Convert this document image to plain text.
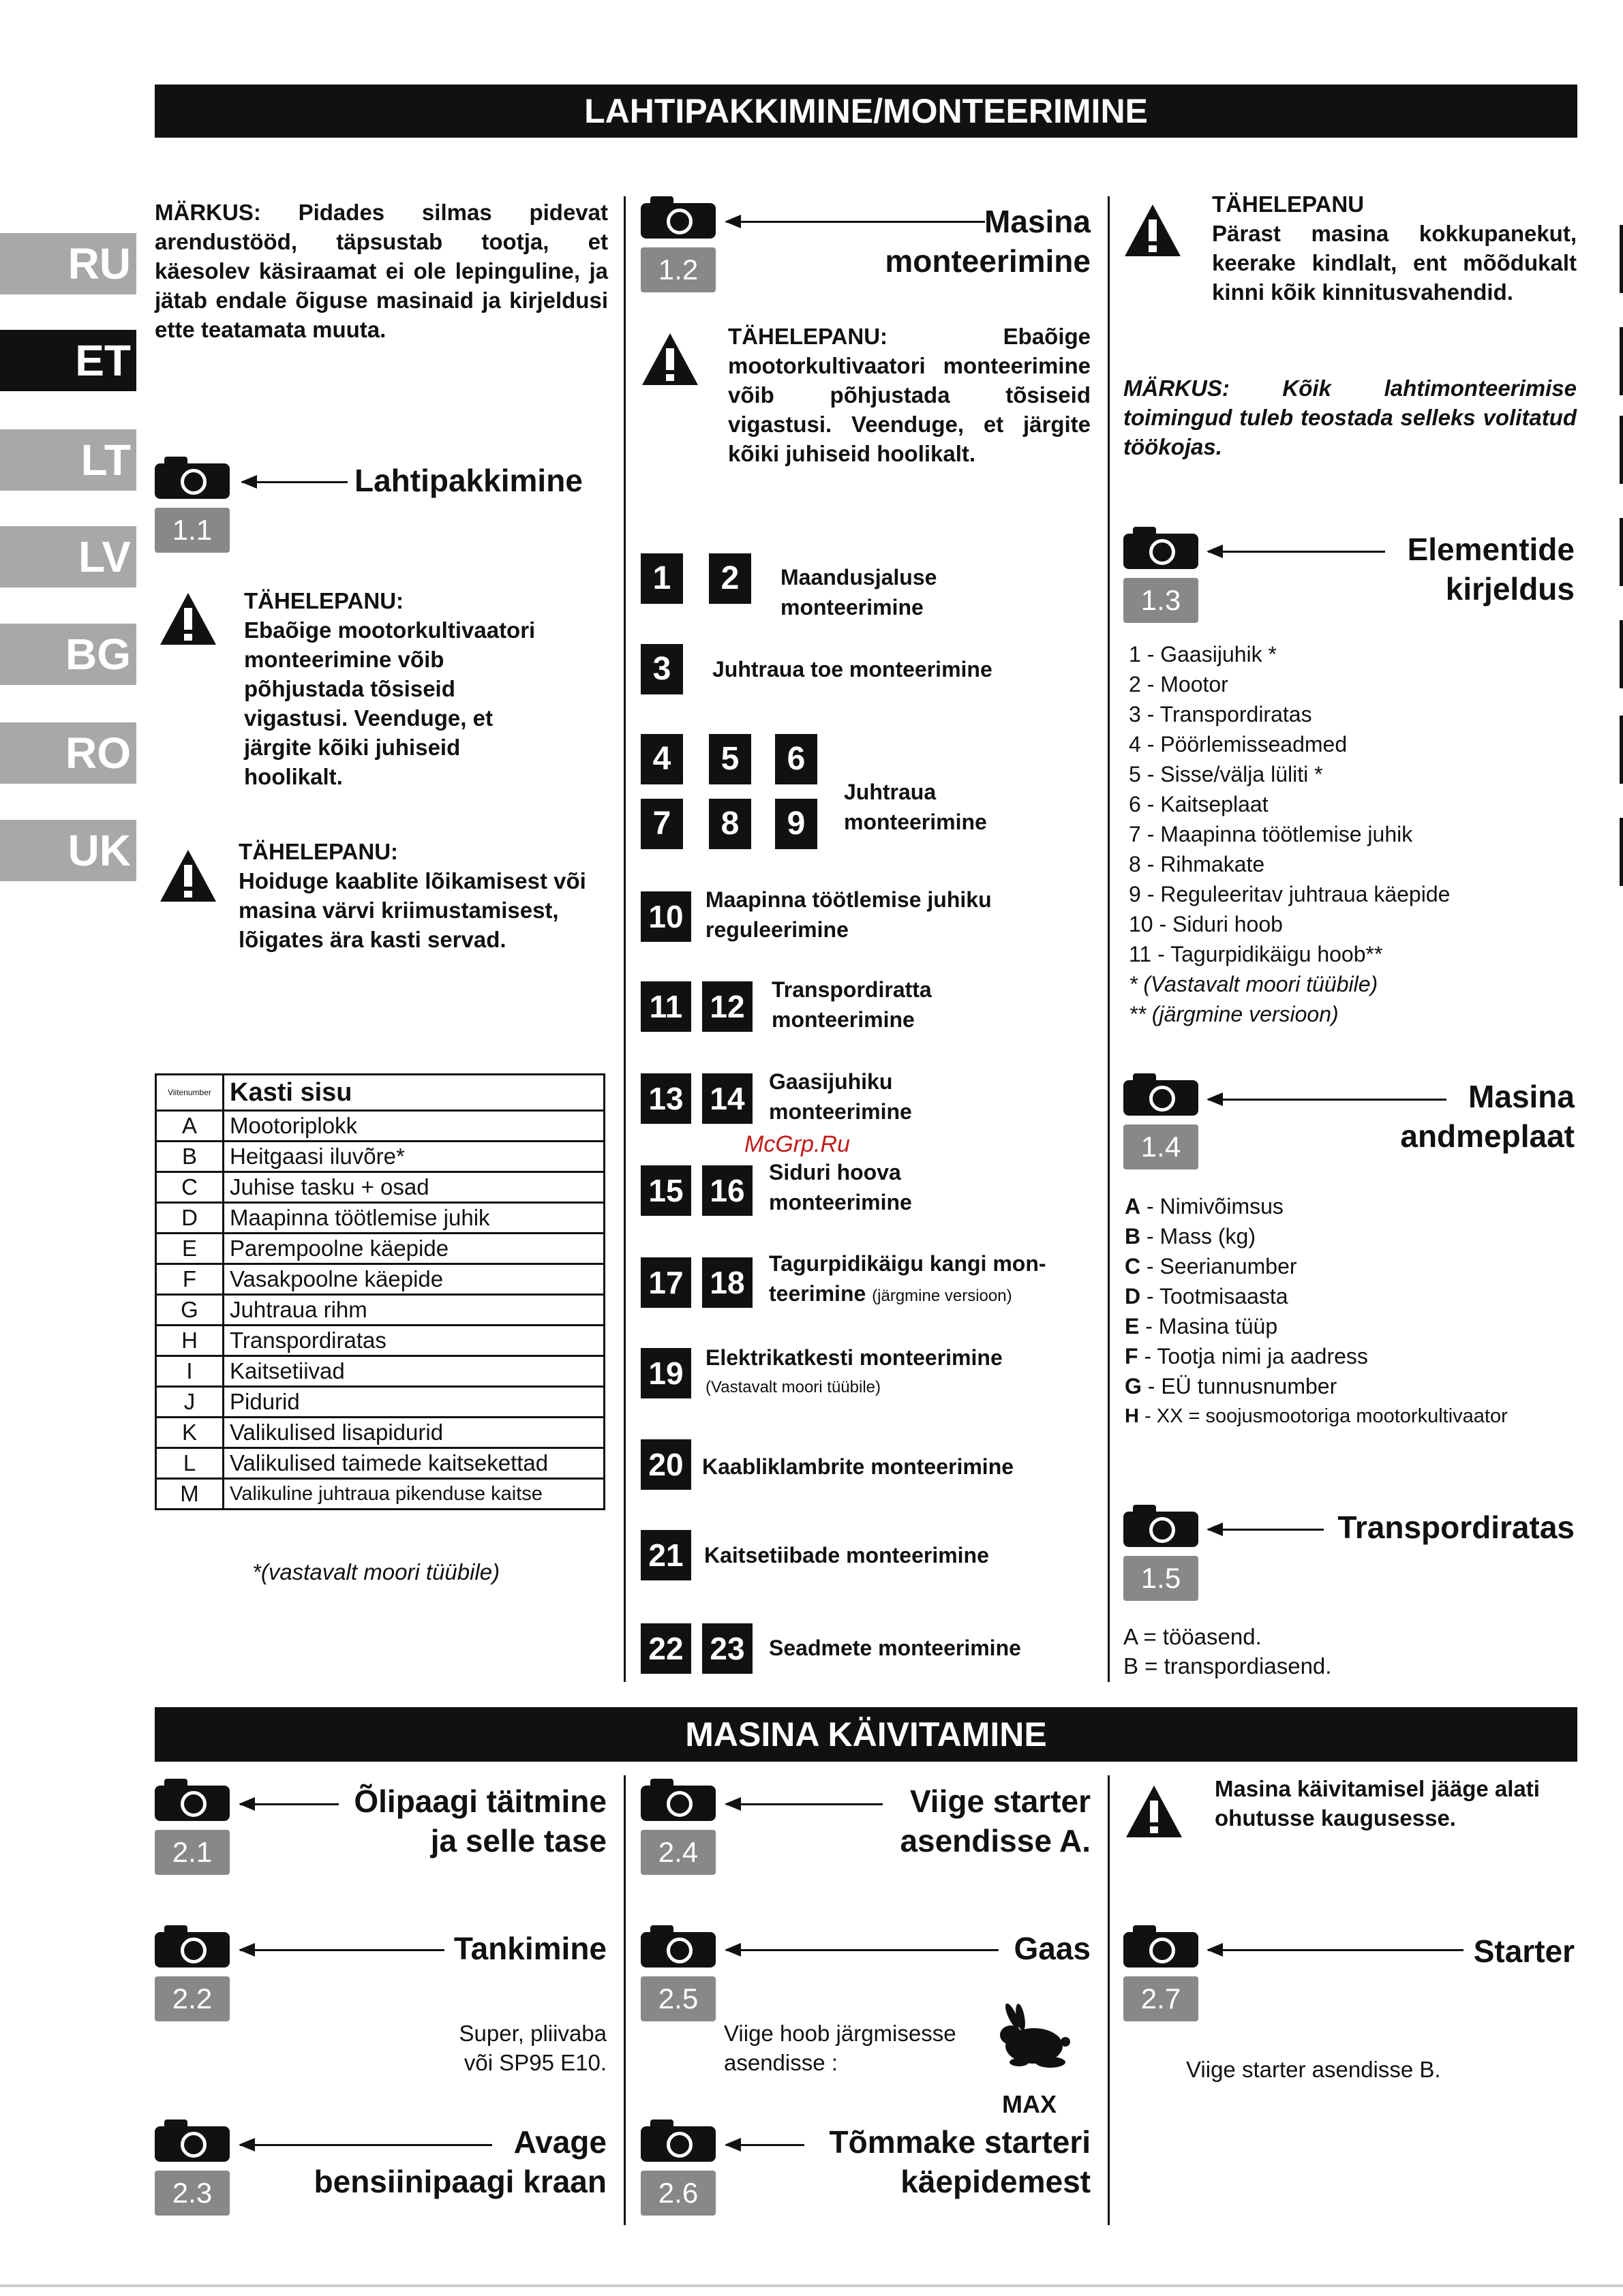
LAHTIPAKKIMINE/MONTEERIMINE
MASINA KÄIVITAMINE
RU
ET
LT
LV
BG
RO
UK
MÄRKUS: Pidades silmas pidevat arendustööd, täpsustab tootja, et käesolev käsiraamat ei ole lepinguline, ja jätab endale õiguse masinaid ja kirjeldusi ette teatamata muuta.
Lahtipakkimine
1.1
TÄHELEPANU:
Ebaõige mootorkultivaatori monteerimine võib põhjustada tõsiseid vigastusi. Veenduge, et järgite kõiki juhiseid hoolikalt.
TÄHELEPANU:
Hoiduge kaablite lõikamisest või masina värvi kriimustamisest, lõigates ära kasti servad.
Viitenumber	Kasti sisu
A	Mootoriplokk
B	Heitgaasi iluvõre*
C	Juhise tasku + osad
D	Maapinna töötlemise juhik
E	Parempoolne käepide
F	Vasakpoolne käepide
G	Juhtraua rihm
H	Transpordiratas
I	Kaitsetiivad
J	Pidurid
K	Valikulised lisapidurid
L	Valikulised taimede kaitsekettad
M	Valikuline juhtraua pikenduse kaitse
*(vastavalt moori tüübile)
Masina
monteerimine
1.2
TÄHELEPANU: Ebaõige mootorkultivaatori monteerimine võib põhjustada tõsiseid vigastusi. Veenduge, et järgite kõiki juhiseid hoolikalt.
1	2	Maandusjaluse
monteerimine
3	Juhtraua toe monteerimine
4	5	6
7	8	9
Juhtraua
monteerimine
10	Maapinna töötlemise juhiku
reguleerimine
11 12	Transpordiratta
monteerimine
13 14	Gaasijuhiku
monteerimine
15 16
Siduri hoova
monteerimine
17 18
Tagurpidikäigu kangi mon-
teerimine (järgmine versioon)
19	Elektrikatkesti monteerimine
(Vastavalt moori tüübile)
20 Kaabliklambrite monteerimine
21 Kaitsetiibade monteerimine
22 23	Seadmete monteerimine
TÄHELEPANU
Pärast masina kokkupanekut, keerake kindlalt, ent mõõdukalt kinni kõik kinnitusvahendid.
MÄRKUS: Kõik lahtimonteerimise toimingud tuleb teostada selleks volitatud töökojas.
Elementide
kirjeldus
1.3
1 - Gaasijuhik *
2 - Mootor
3 - Transpordiratas
4 - Pöörlemisseadmed
5 - Sisse/välja lüliti *
6 - Kaitseplaat
7 - Maapinna töötlemise juhik
8 - Rihmakate
9 - Reguleeritav juhtraua käepide
10 - Siduri hoob
11 - Tagurpidikäigu hoob**
* (Vastavalt moori tüübile)
** (järgmine versioon)
Masina
andmeplaat
1.4
A - Nimivõimsus
B - Mass (kg)
C - Seerianumber
D - Tootmisaasta
E - Masina tüüp
F - Tootja nimi ja aadress
G - EÜ tunnusnumber
H - XX = soojusmootoriga mootorkultivaator
Transpordiratas
1.5
A = tööasend.
B = transpordiasend.
Õlipaagi täitmine
ja selle tase
2.1
Tankimine
2.2
Super, pliivaba
või SP95 E10.
Avage
bensiinipaagi kraan
2.3
Viige starter
asendisse A.
2.4
Gaas
2.5
Viige hoob järgmisesse
asendisse :
MAX
Tõmmake starteri
käepidemest
2.6
Masina käivitamisel jääge alati ohutusse kaugusesse.
Starter
2.7
Viige starter asendisse B.
McGrp.Ru
